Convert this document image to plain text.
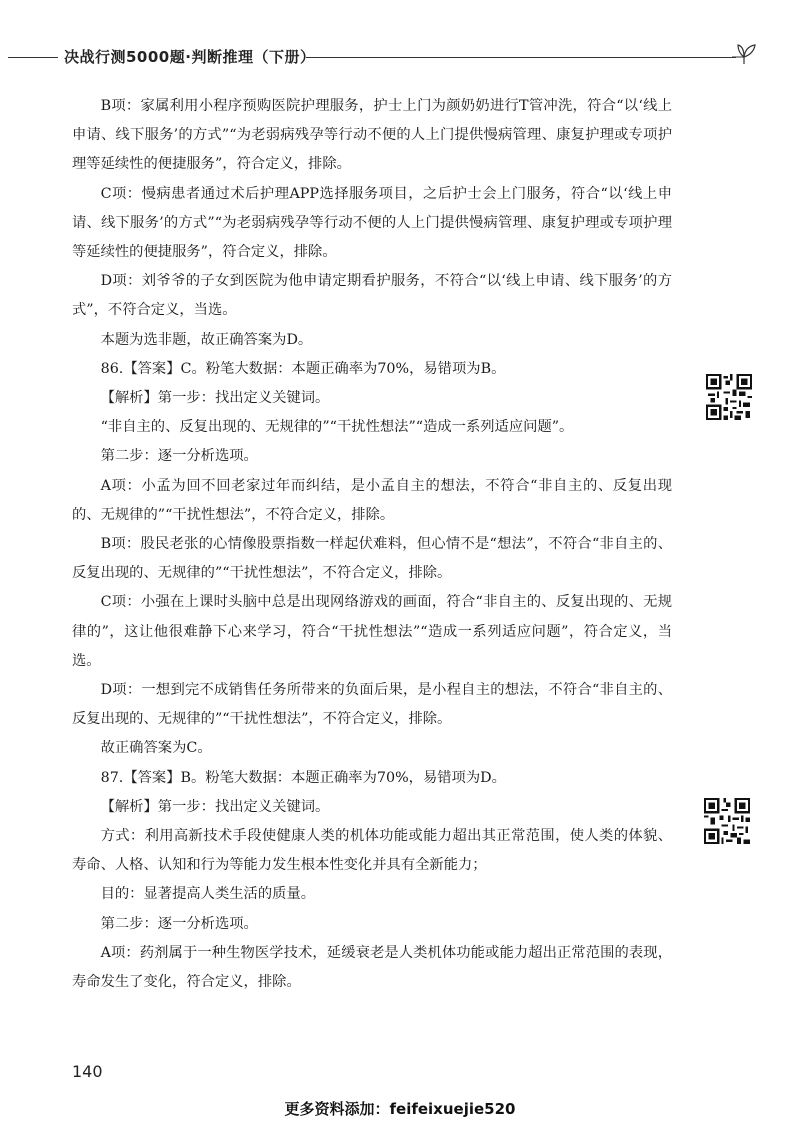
决战行测5000题·判断推理（下册）

B项：家属利用小程序预购医院护理服务，护士上门为颜奶奶进行T管冲洗，符合“以‘线上申请、线下服务’的方式”“为老弱病残孕等行动不便的人上门提供慢病管理、康复护理或专项护理等延续性的便捷服务”，符合定义，排除。

C项：慢病患者通过术后护理APP选择服务项目，之后护士会上门服务，符合“以‘线上申请、线下服务’的方式”“为老弱病残孕等行动不便的人上门提供慢病管理、康复护理或专项护理等延续性的便捷服务”，符合定义，排除。

D项：刘爷爷的子女到医院为他申请定期看护服务，不符合“以‘线上申请、线下服务’的方式”，不符合定义，当选。

本题为选非题，故正确答案为D。

86.【答案】C。粉笔大数据：本题正确率为70%，易错项为B。

【解析】第一步：找出定义关键词。

“非自主的、反复出现的、无规律的”“干扰性想法”“造成一系列适应问题”。

第二步：逐一分析选项。

A项：小孟为回不回老家过年而纠结，是小孟自主的想法，不符合“非自主的、反复出现的、无规律的”“干扰性想法”，不符合定义，排除。

B项：股民老张的心情像股票指数一样起伏难料，但心情不是“想法”，不符合“非自主的、反复出现的、无规律的”“干扰性想法”，不符合定义，排除。

C项：小强在上课时头脑中总是出现网络游戏的画面，符合“非自主的、反复出现的、无规律的”，这让他很难静下心来学习，符合“干扰性想法”“造成一系列适应问题”，符合定义，当选。

D项：一想到完不成销售任务所带来的负面后果，是小程自主的想法，不符合“非自主的、反复出现的、无规律的”“干扰性想法”，不符合定义，排除。

故正确答案为C。

87.【答案】B。粉笔大数据：本题正确率为70%，易错项为D。

【解析】第一步：找出定义关键词。

方式：利用高新技术手段使健康人类的机体功能或能力超出其正常范围，使人类的体貌、寿命、人格、认知和行为等能力发生根本性变化并具有全新能力；

目的：显著提高人类生活的质量。

第二步：逐一分析选项。

A项：药剂属于一种生物医学技术，延缓衰老是人类机体功能或能力超出正常范围的表现，寿命发生了变化，符合定义，排除。

140
更多资料添加：feifeixuejie520
